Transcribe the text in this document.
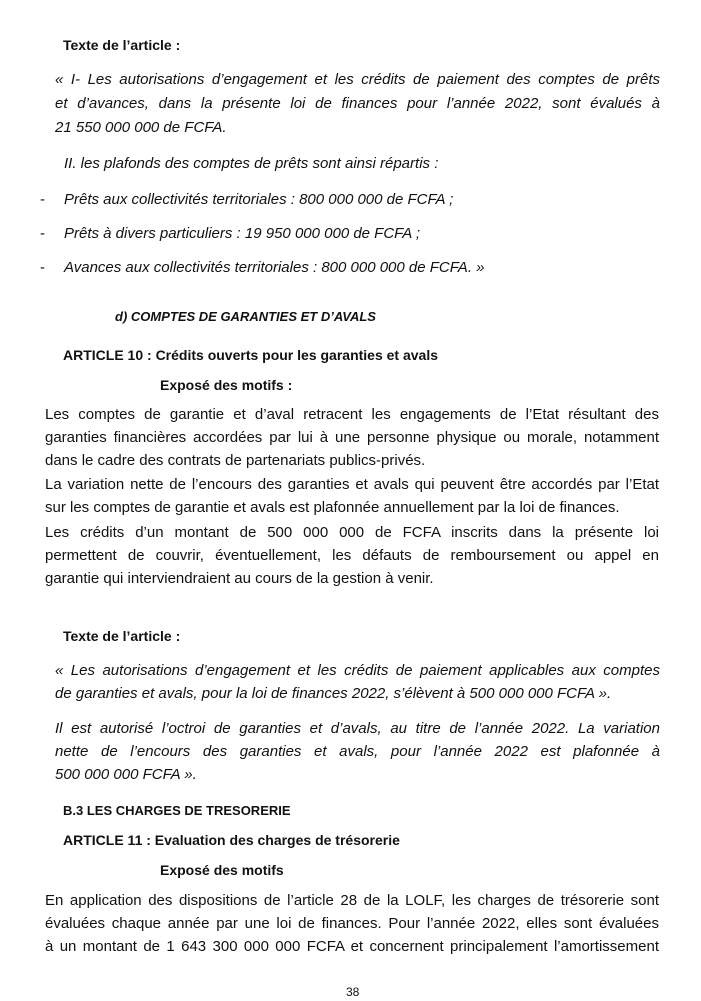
Texte de l’article :
« I- Les autorisations d’engagement et les crédits de paiement des comptes de prêts
et d’avances, dans la présente loi de finances pour l’année 2022, sont évalués à
21 550 000 000 de FCFA.
II. les plafonds des comptes de prêts sont ainsi répartis :
- Prêts aux collectivités territoriales : 800 000 000 de FCFA ;
- Prêts à divers particuliers : 19 950 000 000 de FCFA ;
- Avances aux collectivités territoriales : 800 000 000 de FCFA. »
d) COMPTES DE GARANTIES ET D’AVALS
ARTICLE 10 : Crédits ouverts pour les garanties et avals
Exposé des motifs :
Les comptes de garantie et d’aval retracent les engagements de l’Etat résultant des
garanties financières accordées par lui à une personne physique ou morale, notamment
dans le cadre des contrats de partenariats publics-privés.
La variation nette de l’encours des garanties et avals qui peuvent être accordés par l’Etat
sur les comptes de garantie et avals est plafonnée annuellement par la loi de finances.
Les crédits d’un montant de 500 000 000 de FCFA inscrits dans la présente loi
permettent de couvrir, éventuellement, les défauts de remboursement ou appel en
garantie qui interviendraient au cours de la gestion à venir.
Texte de l’article :
« Les autorisations d’engagement et les crédits de paiement applicables aux comptes
de garanties et avals, pour la loi de finances 2022, s’élèvent à 500 000 000 FCFA ».
Il est autorisé l’octroi de garanties et d’avals, au titre de l’année 2022. La variation
nette de l’encours des garanties et avals, pour l’année 2022 est plafonnée à
500 000 000 FCFA ».
B.3 LES CHARGES DE TRESORERIE
ARTICLE 11 : Evaluation des charges de trésorerie
Exposé des motifs
En application des dispositions de l’article 28 de la LOLF, les charges de trésorerie sont
évaluées chaque année par une loi de finances. Pour l’année 2022, elles sont évaluées
à un montant de 1 643 300 000 000 FCFA et concernent principalement l’amortissement
38
